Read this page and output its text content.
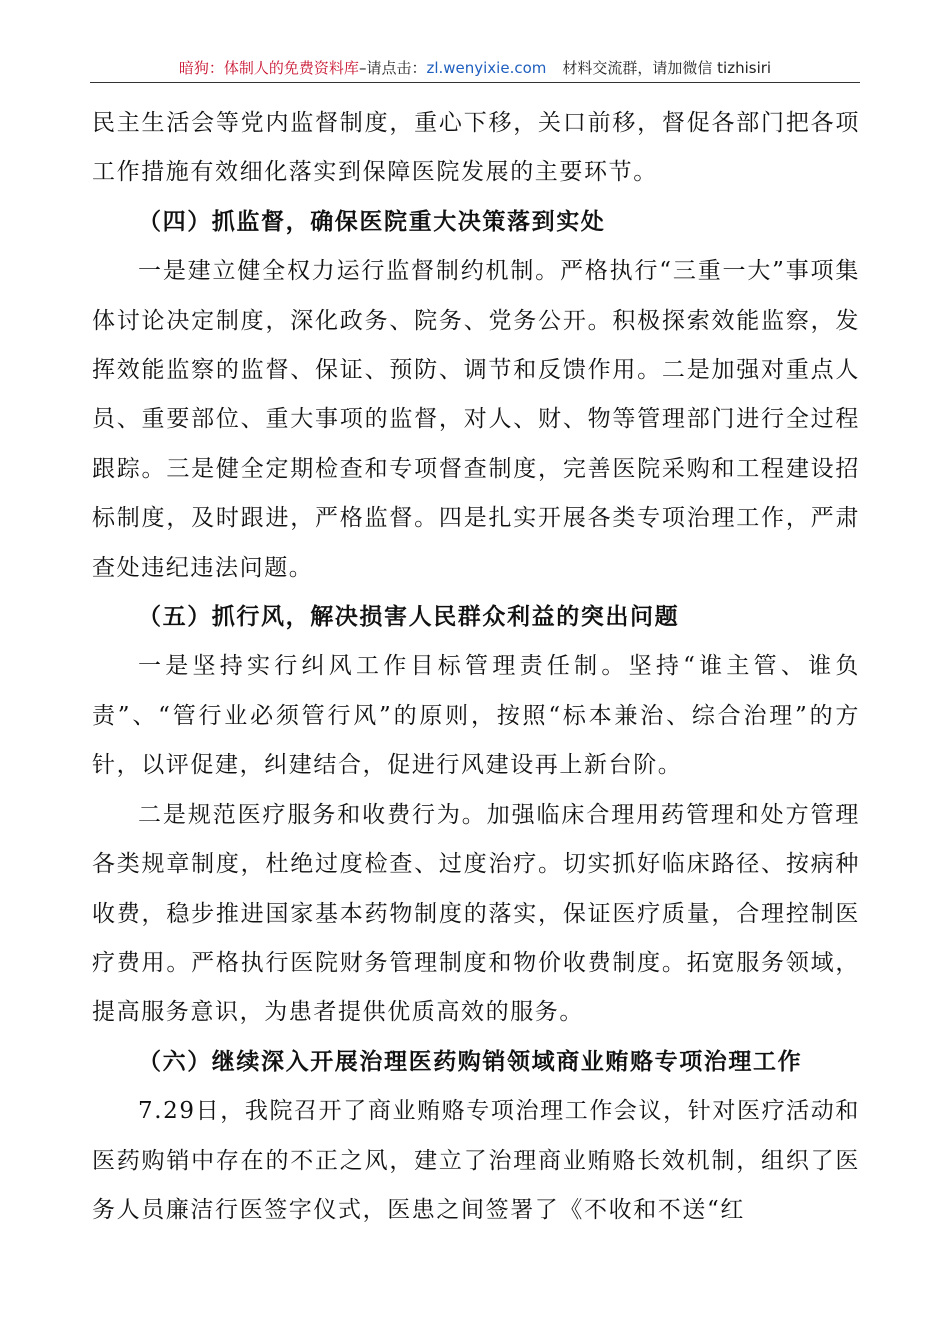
暗狗：体制人的免费资料库–请点击：zl.wenyixie.com 材料交流群，请加微信 tizhisiri

民主生活会等党内监督制度，重心下移，关口前移，督促各部门把各项工作措施有效细化落实到保障医院发展的主要环节。

（四）抓监督，确保医院重大决策落到实处

一是建立健全权力运行监督制约机制。严格执行“三重一大”事项集体讨论决定制度，深化政务、院务、党务公开。积极探索效能监察，发挥效能监察的监督、保证、预防、调节和反馈作用。二是加强对重点人员、重要部位、重大事项的监督，对人、财、物等管理部门进行全过程跟踪。三是健全定期检查和专项督查制度，完善医院采购和工程建设招标制度，及时跟进，严格监督。四是扎实开展各类专项治理工作，严肃查处违纪违法问题。

（五）抓行风，解决损害人民群众利益的突出问题

一是坚持实行纠风工作目标管理责任制。坚持“谁主管、谁负责”、“管行业必须管行风”的原则，按照“标本兼治、综合治理”的方针，以评促建，纠建结合，促进行风建设再上新台阶。

二是规范医疗服务和收费行为。加强临床合理用药管理和处方管理各类规章制度，杜绝过度检查、过度治疗。切实抓好临床路径、按病种收费，稳步推进国家基本药物制度的落实，保证医疗质量，合理控制医疗费用。严格执行医院财务管理制度和物价收费制度。拓宽服务领域，提高服务意识，为患者提供优质高效的服务。

（六）继续深入开展治理医药购销领域商业贿赂专项治理工作

7.29日，我院召开了商业贿赂专项治理工作会议，针对医疗活动和医药购销中存在的不正之风，建立了治理商业贿赂长效机制，组织了医务人员廉洁行医签字仪式，医患之间签署了《不收和不送“红
